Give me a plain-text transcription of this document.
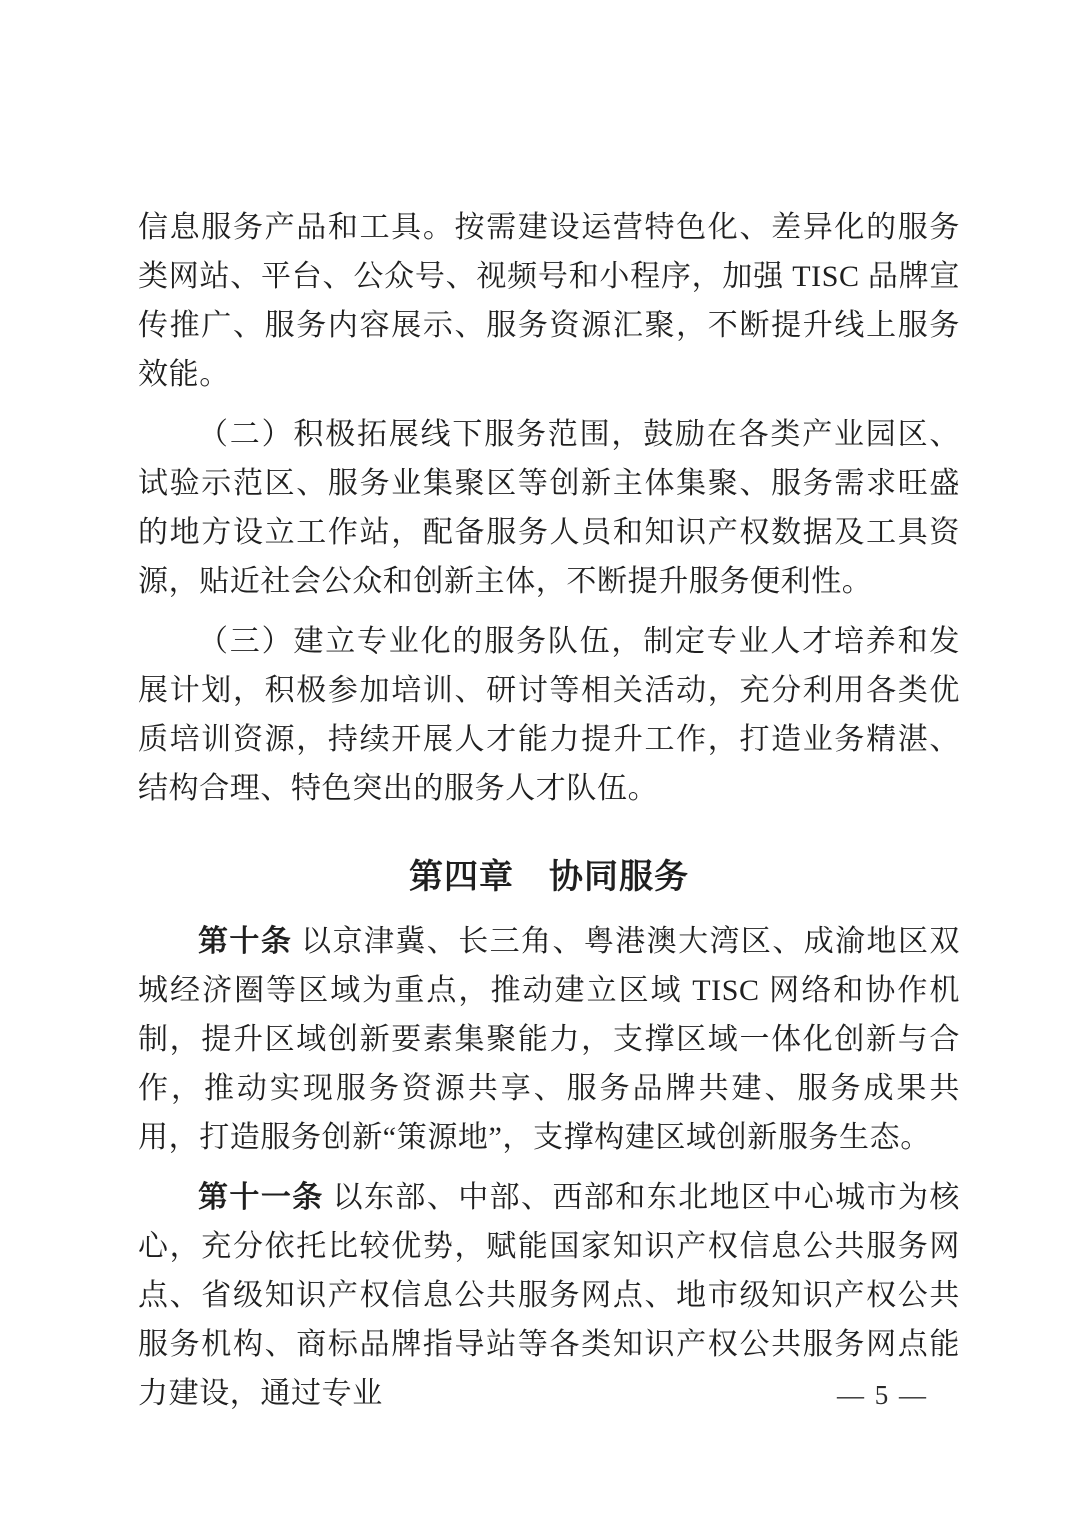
信息服务产品和工具。按需建设运营特色化、差异化的服务类网站、平台、公众号、视频号和小程序，加强 TISC 品牌宣传推广、服务内容展示、服务资源汇聚，不断提升线上服务效能。

（二）积极拓展线下服务范围，鼓励在各类产业园区、试验示范区、服务业集聚区等创新主体集聚、服务需求旺盛的地方设立工作站，配备服务人员和知识产权数据及工具资源，贴近社会公众和创新主体，不断提升服务便利性。

（三）建立专业化的服务队伍，制定专业人才培养和发展计划，积极参加培训、研讨等相关活动，充分利用各类优质培训资源，持续开展人才能力提升工作，打造业务精湛、结构合理、特色突出的服务人才队伍。

第四章　协同服务

第十条 以京津冀、长三角、粤港澳大湾区、成渝地区双城经济圈等区域为重点，推动建立区域 TISC 网络和协作机制，提升区域创新要素集聚能力，支撑区域一体化创新与合作，推动实现服务资源共享、服务品牌共建、服务成果共用，打造服务创新“策源地”，支撑构建区域创新服务生态。

第十一条 以东部、中部、西部和东北地区中心城市为核心，充分依托比较优势，赋能国家知识产权信息公共服务网点、省级知识产权信息公共服务网点、地市级知识产权公共服务机构、商标品牌指导站等各类知识产权公共服务网点能力建设，通过专业	— 5 —
